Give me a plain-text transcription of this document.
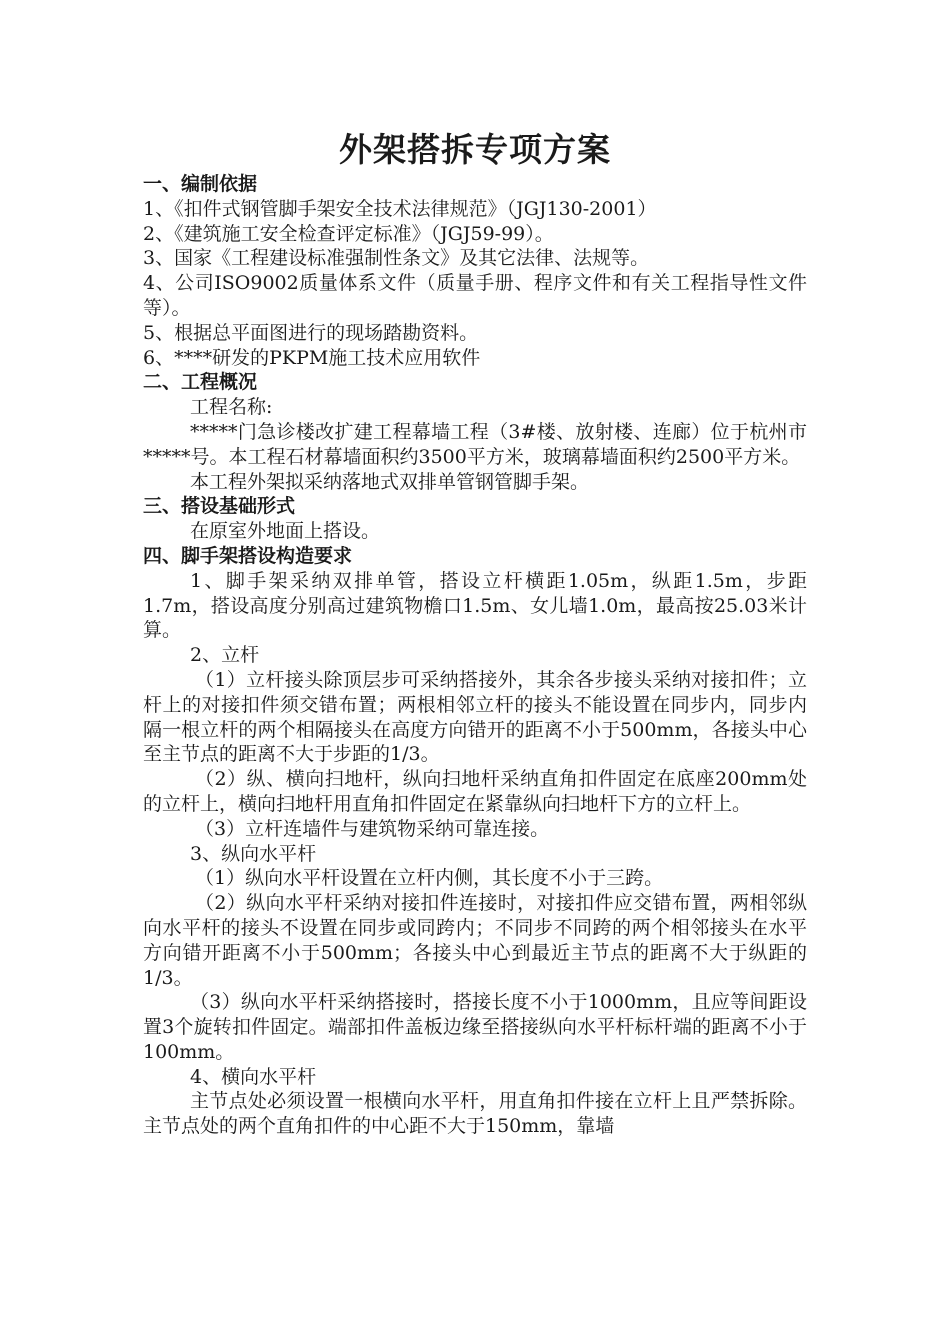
外架搭拆专项方案

一、编制依据

1、《扣件式钢管脚手架安全技术法律规范》（JGJ130-2001）

2、《建筑施工安全检查评定标准》（JGJ59-99）。

3、国家《工程建设标准强制性条文》及其它法律、法规等。

4、公司ISO9002质量体系文件（质量手册、程序文件和有关工程指导性文件等）。

5、根据总平面图进行的现场踏勘资料。

6、****研发的PKPM施工技术应用软件

二、工程概况

工程名称:

*****门急诊楼改扩建工程幕墙工程（3#楼、放射楼、连廊）位于杭州市*****号。本工程石材幕墙面积约3500平方米，玻璃幕墙面积约2500平方米。

本工程外架拟采纳落地式双排单管钢管脚手架。

三、搭设基础形式

在原室外地面上搭设。

四、脚手架搭设构造要求

1、脚手架采纳双排单管，搭设立杆横距1.05m，纵距1.5m，步距1.7m，搭设高度分别高过建筑物檐口1.5m、女儿墙1.0m，最高按25.03米计算。

2、立杆

（1）立杆接头除顶层步可采纳搭接外，其余各步接头采纳对接扣件；立杆上的对接扣件须交错布置；两根相邻立杆的接头不能设置在同步内，同步内隔一根立杆的两个相隔接头在高度方向错开的距离不小于500mm，各接头中心至主节点的距离不大于步距的1/3。

（2）纵、横向扫地杆，纵向扫地杆采纳直角扣件固定在底座200mm处的立杆上，横向扫地杆用直角扣件固定在紧靠纵向扫地杆下方的立杆上。

（3）立杆连墙件与建筑物采纳可靠连接。

3、纵向水平杆

（1）纵向水平杆设置在立杆内侧，其长度不小于三跨。

（2）纵向水平杆采纳对接扣件连接时，对接扣件应交错布置，两相邻纵向水平杆的接头不设置在同步或同跨内；不同步不同跨的两个相邻接头在水平方向错开距离不小于500mm；各接头中心到最近主节点的距离不大于纵距的1/3。

（3）纵向水平杆采纳搭接时，搭接长度不小于1000mm，且应等间距设置3个旋转扣件固定。端部扣件盖板边缘至搭接纵向水平杆标杆端的距离不小于100mm。

4、横向水平杆

主节点处必须设置一根横向水平杆，用直角扣件接在立杆上且严禁拆除。主节点处的两个直角扣件的中心距不大于150mm，靠墙
